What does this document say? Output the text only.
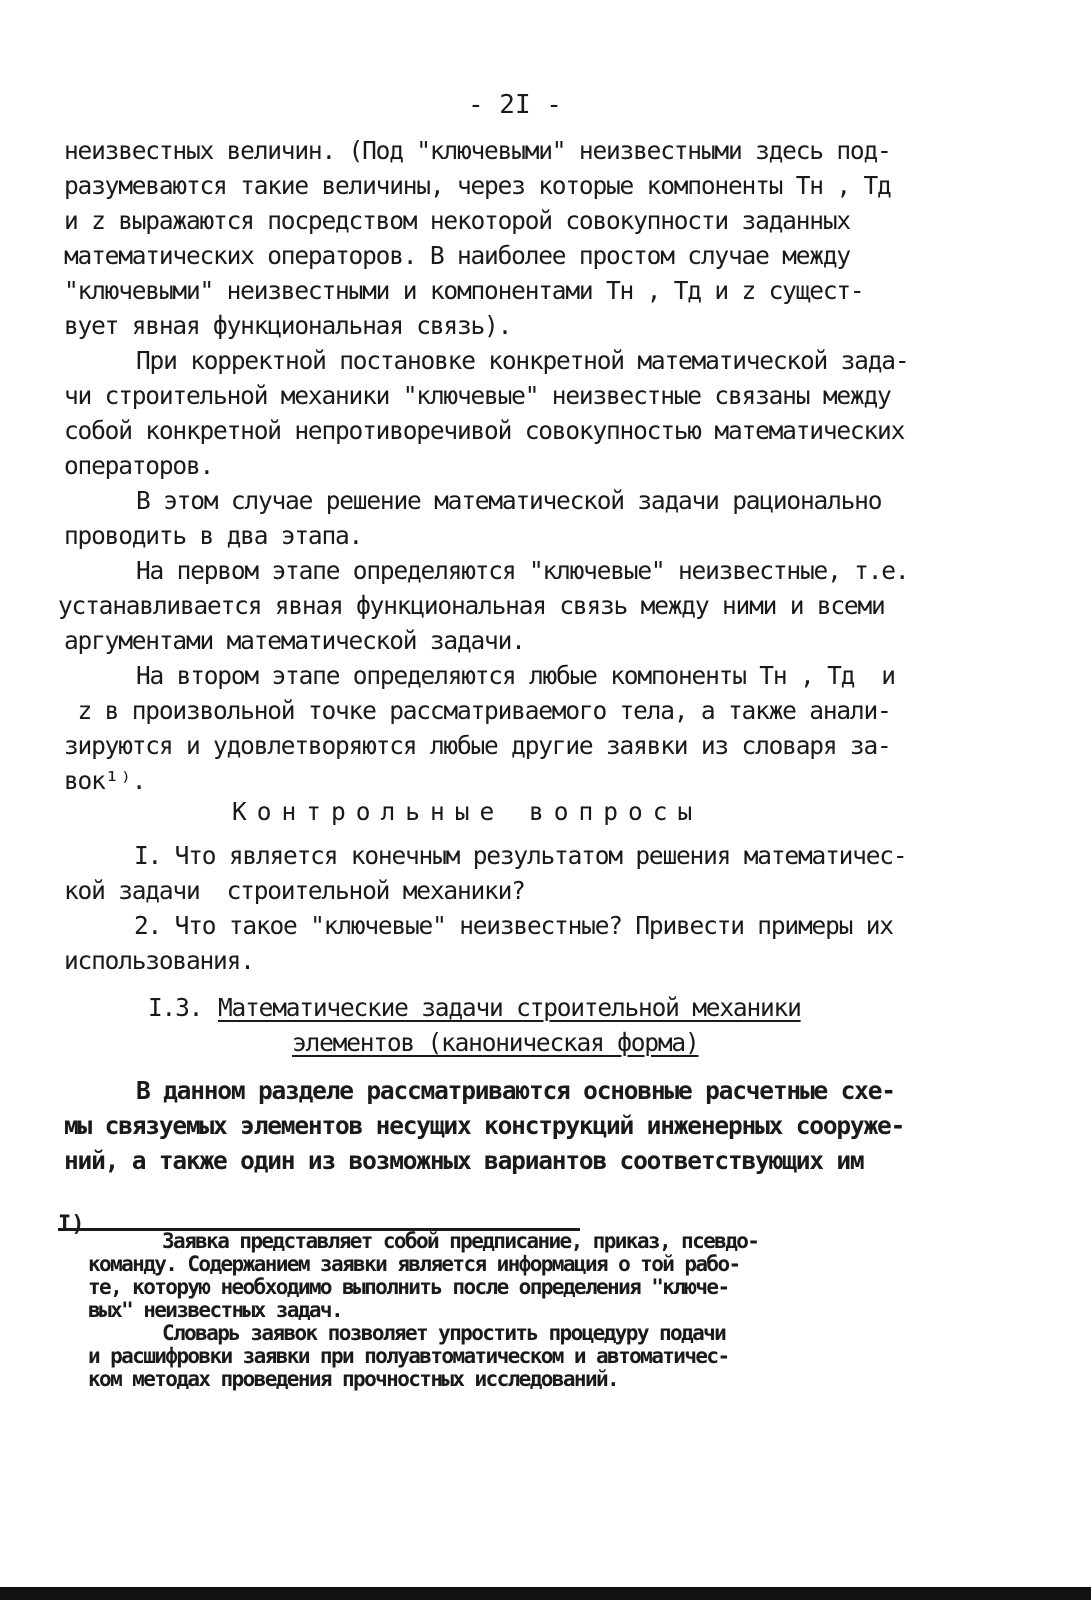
- 2I -

неизвестных величин. (Под "ключевыми" неизвестными здесь под-

разумеваются такие величины, через которые компоненты Tн , Tд

и z выражаются посредством некоторой совокупности заданных

математических операторов. В наиболее простом случае между

"ключевыми" неизвестными и компонентами Tн , Tд и z сущест-

вует явная функциональная связь).

При корректной постановке конкретной математической зада-

чи строительной механики "ключевые" неизвестные связаны между

собой конкретной непротиворечивой совокупностью математических

операторов.

В этом случае решение математической задачи рационально

проводить в два этапа.

На первом этапе определяются "ключевые" неизвестные, т.е.

устанавливается явная функциональная связь между ними и всеми

аргументами математической задачи.

На втором этапе определяются любые компоненты Tн , Tд  и

z в произвольной точке рассматриваемого тела, а также анали-

зируются и удовлетворяются любые другие заявки из словаря за-

вок¹⁾.

Контрольные вопросы

I. Что является конечным результатом решения математичес-

кой задачи  строительной механики?

2. Что такое "ключевые" неизвестные? Привести примеры их

использования.

I.3. Математические задачи строительной механики

элементов (каноническая форма)

В данном разделе рассматриваются основные расчетные схе-

мы связуемых элементов несущих конструкций инженерных сооруже-

ний, а также один из возможных вариантов соответствующих им

I)

Заявка представляет собой предписание, приказ, псевдо-

команду. Содержанием заявки является информация о той рабо-

те, которую необходимо выполнить после определения "ключе-

вых" неизвестных задач.

Словарь заявок позволяет упростить процедуру подачи

и расшифровки заявки при полуавтоматическом и автоматичес-

ком методах проведения прочностных исследований.
